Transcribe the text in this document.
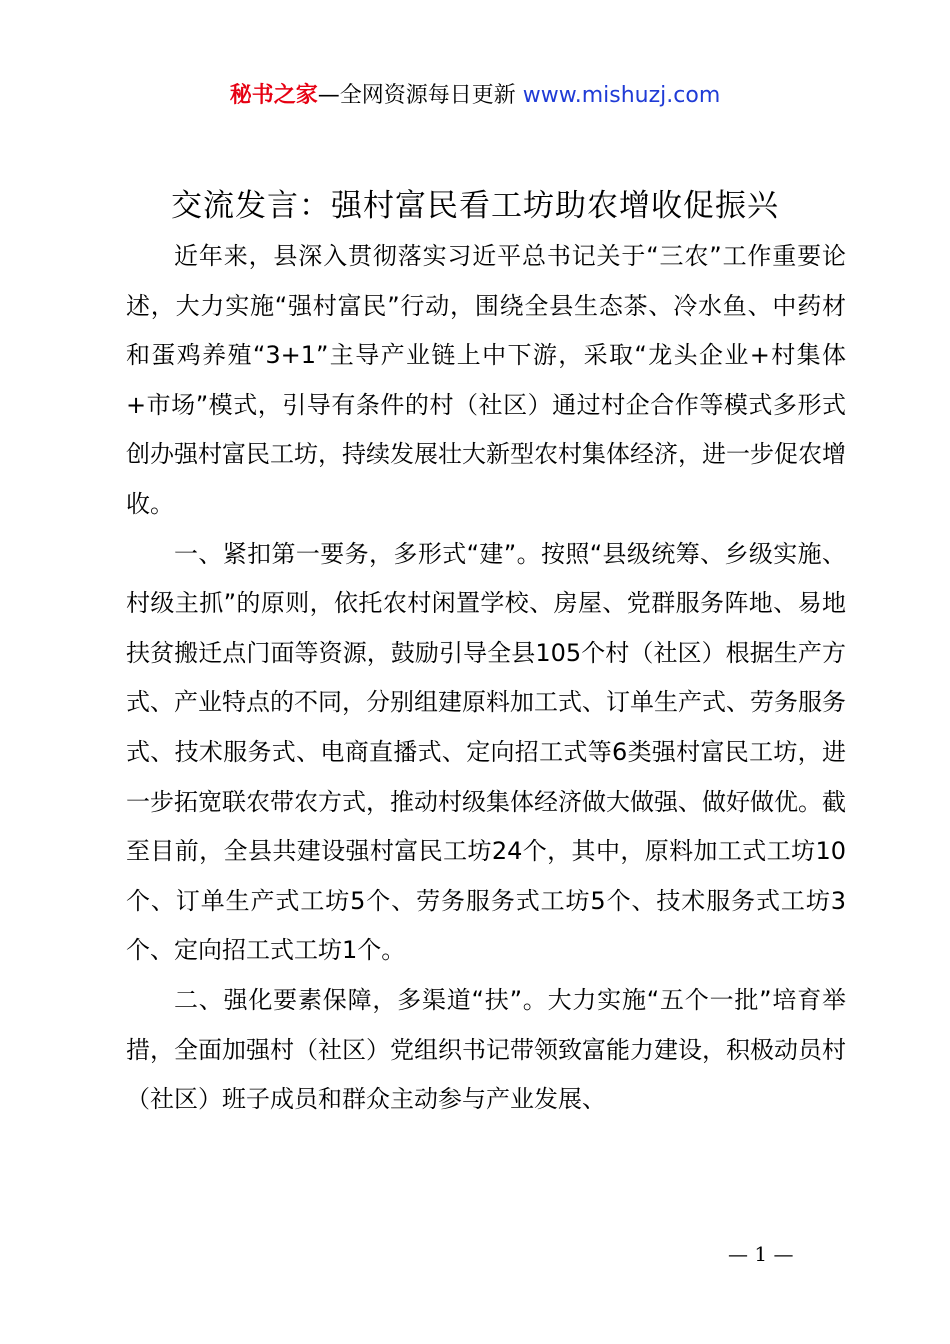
秘书之家—全网资源每日更新 www.mishuzj.com
交流发言：强村富民看工坊助农增收促振兴

近年来，县深入贯彻落实习近平总书记关于“三农”工作重要论述，大力实施“强村富民”行动，围绕全县生态茶、冷水鱼、中药材和蛋鸡养殖“3+1”主导产业链上中下游，采取“龙头企业+村集体+市场”模式，引导有条件的村（社区）通过村企合作等模式多形式创办强村富民工坊，持续发展壮大新型农村集体经济，进一步促农增收。

一、紧扣第一要务，多形式“建”。按照“县级统筹、乡级实施、村级主抓”的原则，依托农村闲置学校、房屋、党群服务阵地、易地扶贫搬迁点门面等资源，鼓励引导全县105个村（社区）根据生产方式、产业特点的不同，分别组建原料加工式、订单生产式、劳务服务式、技术服务式、电商直播式、定向招工式等6类强村富民工坊，进一步拓宽联农带农方式，推动村级集体经济做大做强、做好做优。截至目前，全县共建设强村富民工坊24个，其中，原料加工式工坊10个、订单生产式工坊5个、劳务服务式工坊5个、技术服务式工坊3个、定向招工式工坊1个。

二、强化要素保障，多渠道“扶”。大力实施“五个一批”培育举措，全面加强村（社区）党组织书记带领致富能力建设，积极动员村（社区）班子成员和群众主动参与产业发展、

— 1 —
